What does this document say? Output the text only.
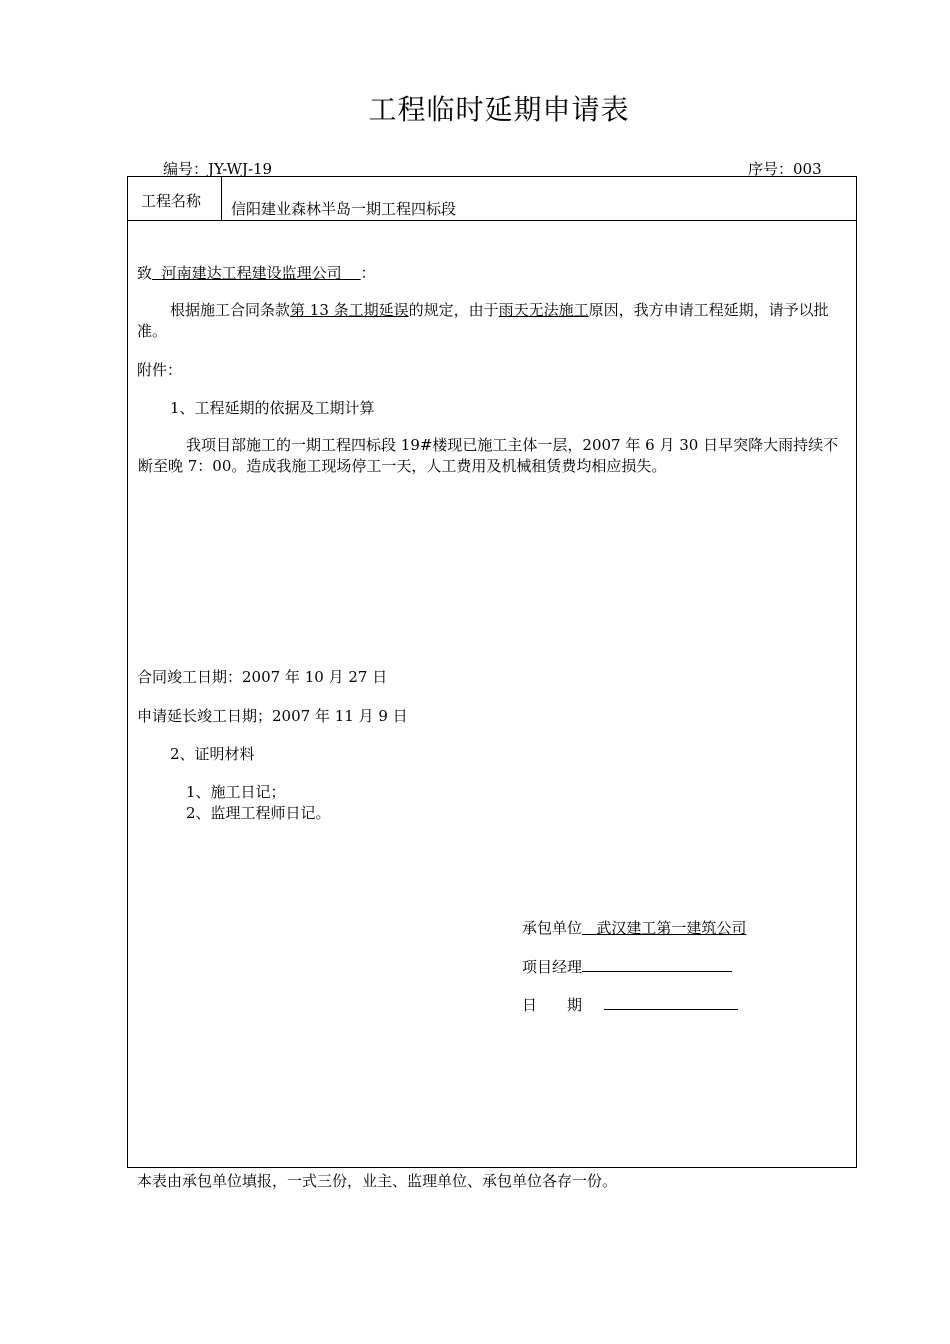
工程临时延期申请表
编号：JY-WJ-19	序号：003
工程名称 信阳建业森林半岛一期工程四标段
致 河南建达工程建设监理公司 ：
根据施工合同条款第 13 条工期延误的规定，由于雨天无法施工原因，我方申请工程延期，请予以批准。
附件：
1、工程延期的依据及工期计算
我项目部施工的一期工程四标段 19#楼现已施工主体一层，2007 年 6 月 30 日早突降大雨持续不断至晚 7：00。造成我施工现场停工一天，人工费用及机械租赁费均相应损失。
合同竣工日期：2007 年 10 月 27 日
申请延长竣工日期；2007 年 11 月 9 日
2、证明材料
1、施工日记；
2、监理工程师日记。
承包单位 武汉建工第一建筑公司
项目经理
日　　期
本表由承包单位填报，一式三份，业主、监理单位、承包单位各存一份。
